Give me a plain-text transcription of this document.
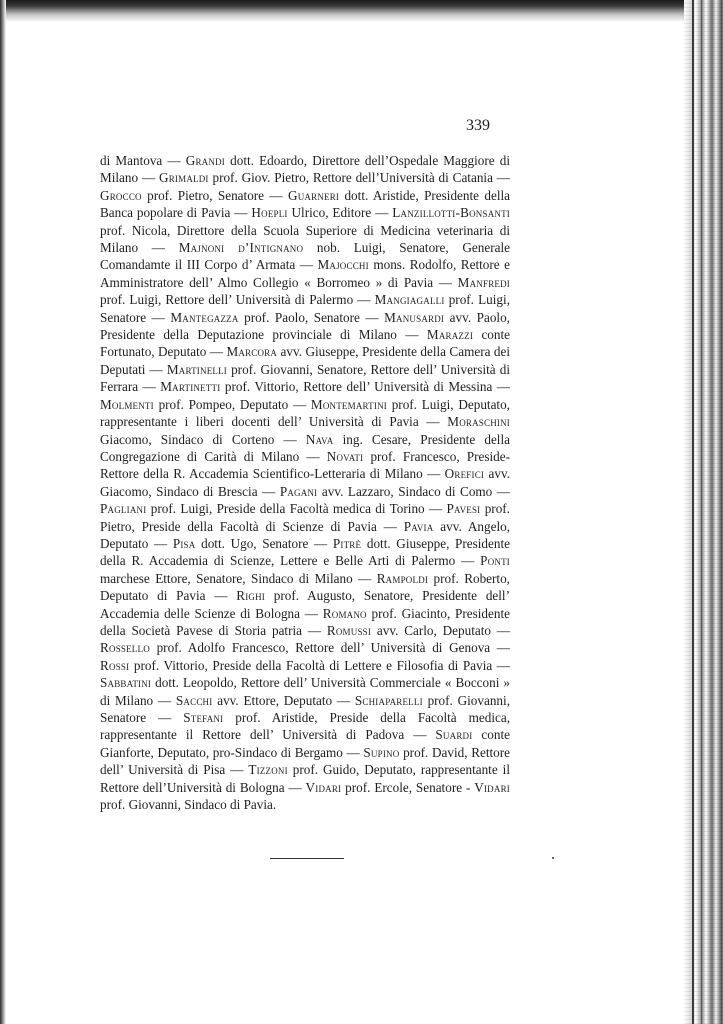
339
di Mantova — Grandi dott. Edoardo, Direttore dell’Ospedale Maggiore di Milano — Grimaldi prof. Giov. Pietro, Rettore dell’Università di Catania — Grocco prof. Pietro, Senatore — Guarneri dott. Aristide, Presidente della Banca popolare di Pavia — Hoepli Ulrico, Editore — Lanzillotti-Bonsanti prof. Nicola, Direttore della Scuola Superiore di Medicina veterinaria di Milano — Majnoni d’Intignano nob. Luigi, Senatore, Generale Comandamte il III Corpo d’ Armata — Majocchi mons. Rodolfo, Rettore e Amministratore dell’ Almo Collegio « Borromeo » di Pavia — Manfredi prof. Luigi, Rettore dell’ Università di Palermo — Mangiagalli prof. Luigi, Senatore — Mantegazza prof. Paolo, Senatore — Manusardi avv. Paolo, Presidente della Deputazione provinciale di Milano — Marazzi conte Fortunato, Deputato — Marcora avv. Giuseppe, Presidente della Camera dei Deputati — Martinelli prof. Giovanni, Senatore, Rettore dell’ Università di Ferrara — Martinetti prof. Vittorio, Rettore dell’ Università di Messina — Molmenti prof. Pompeo, Deputato — Montemartini prof. Luigi, Deputato, rappresentante i liberi docenti dell’ Università di Pavia — Moraschini Giacomo, Sindaco di Corteno — Nava ing. Cesare, Presidente della Congregazione di Carità di Milano — Novati prof. Francesco, Preside-Rettore della R. Accademia Scientifico-Letteraria di Milano — Orefici avv. Giacomo, Sindaco di Brescia — Pagani avv. Lazzaro, Sindaco di Como — Pagliani prof. Luigi, Preside della Facoltà medica di Torino — Pavesi prof. Pietro, Preside della Facoltà di Scienze di Pavia — Pavia avv. Angelo, Deputato — Pisa dott. Ugo, Senatore — Pitrè dott. Giuseppe, Presidente della R. Accademia di Scienze, Lettere e Belle Arti di Palermo — Ponti marchese Ettore, Senatore, Sindaco di Milano — Rampoldi prof. Roberto, Deputato di Pavia — Righi prof. Augusto, Senatore, Presidente dell’ Accademia delle Scienze di Bologna — Romano prof. Giacinto, Presidente della Società Pavese di Storia patria — Romussi avv. Carlo, Deputato — Rossello prof. Adolfo Francesco, Rettore dell’ Università di Genova — Rossi prof. Vittorio, Preside della Facoltà di Lettere e Filosofia di Pavia — Sabbatini dott. Leopoldo, Rettore dell’ Università Commerciale « Bocconi » di Milano — Sacchi avv. Ettore, Deputato — Schiaparelli prof. Giovanni, Senatore — Stefani prof. Aristide, Preside della Facoltà medica, rappresentante il Rettore dell’ Università di Padova — Suardi conte Gianforte, Deputato, pro-Sindaco di Bergamo — Supino prof. David, Rettore dell’ Università di Pisa — Tizzoni prof. Guido, Deputato, rappresentante il Rettore dell’Università di Bologna — Vidari prof. Ercole, Senatore - Vidari prof. Giovanni, Sindaco di Pavia.
